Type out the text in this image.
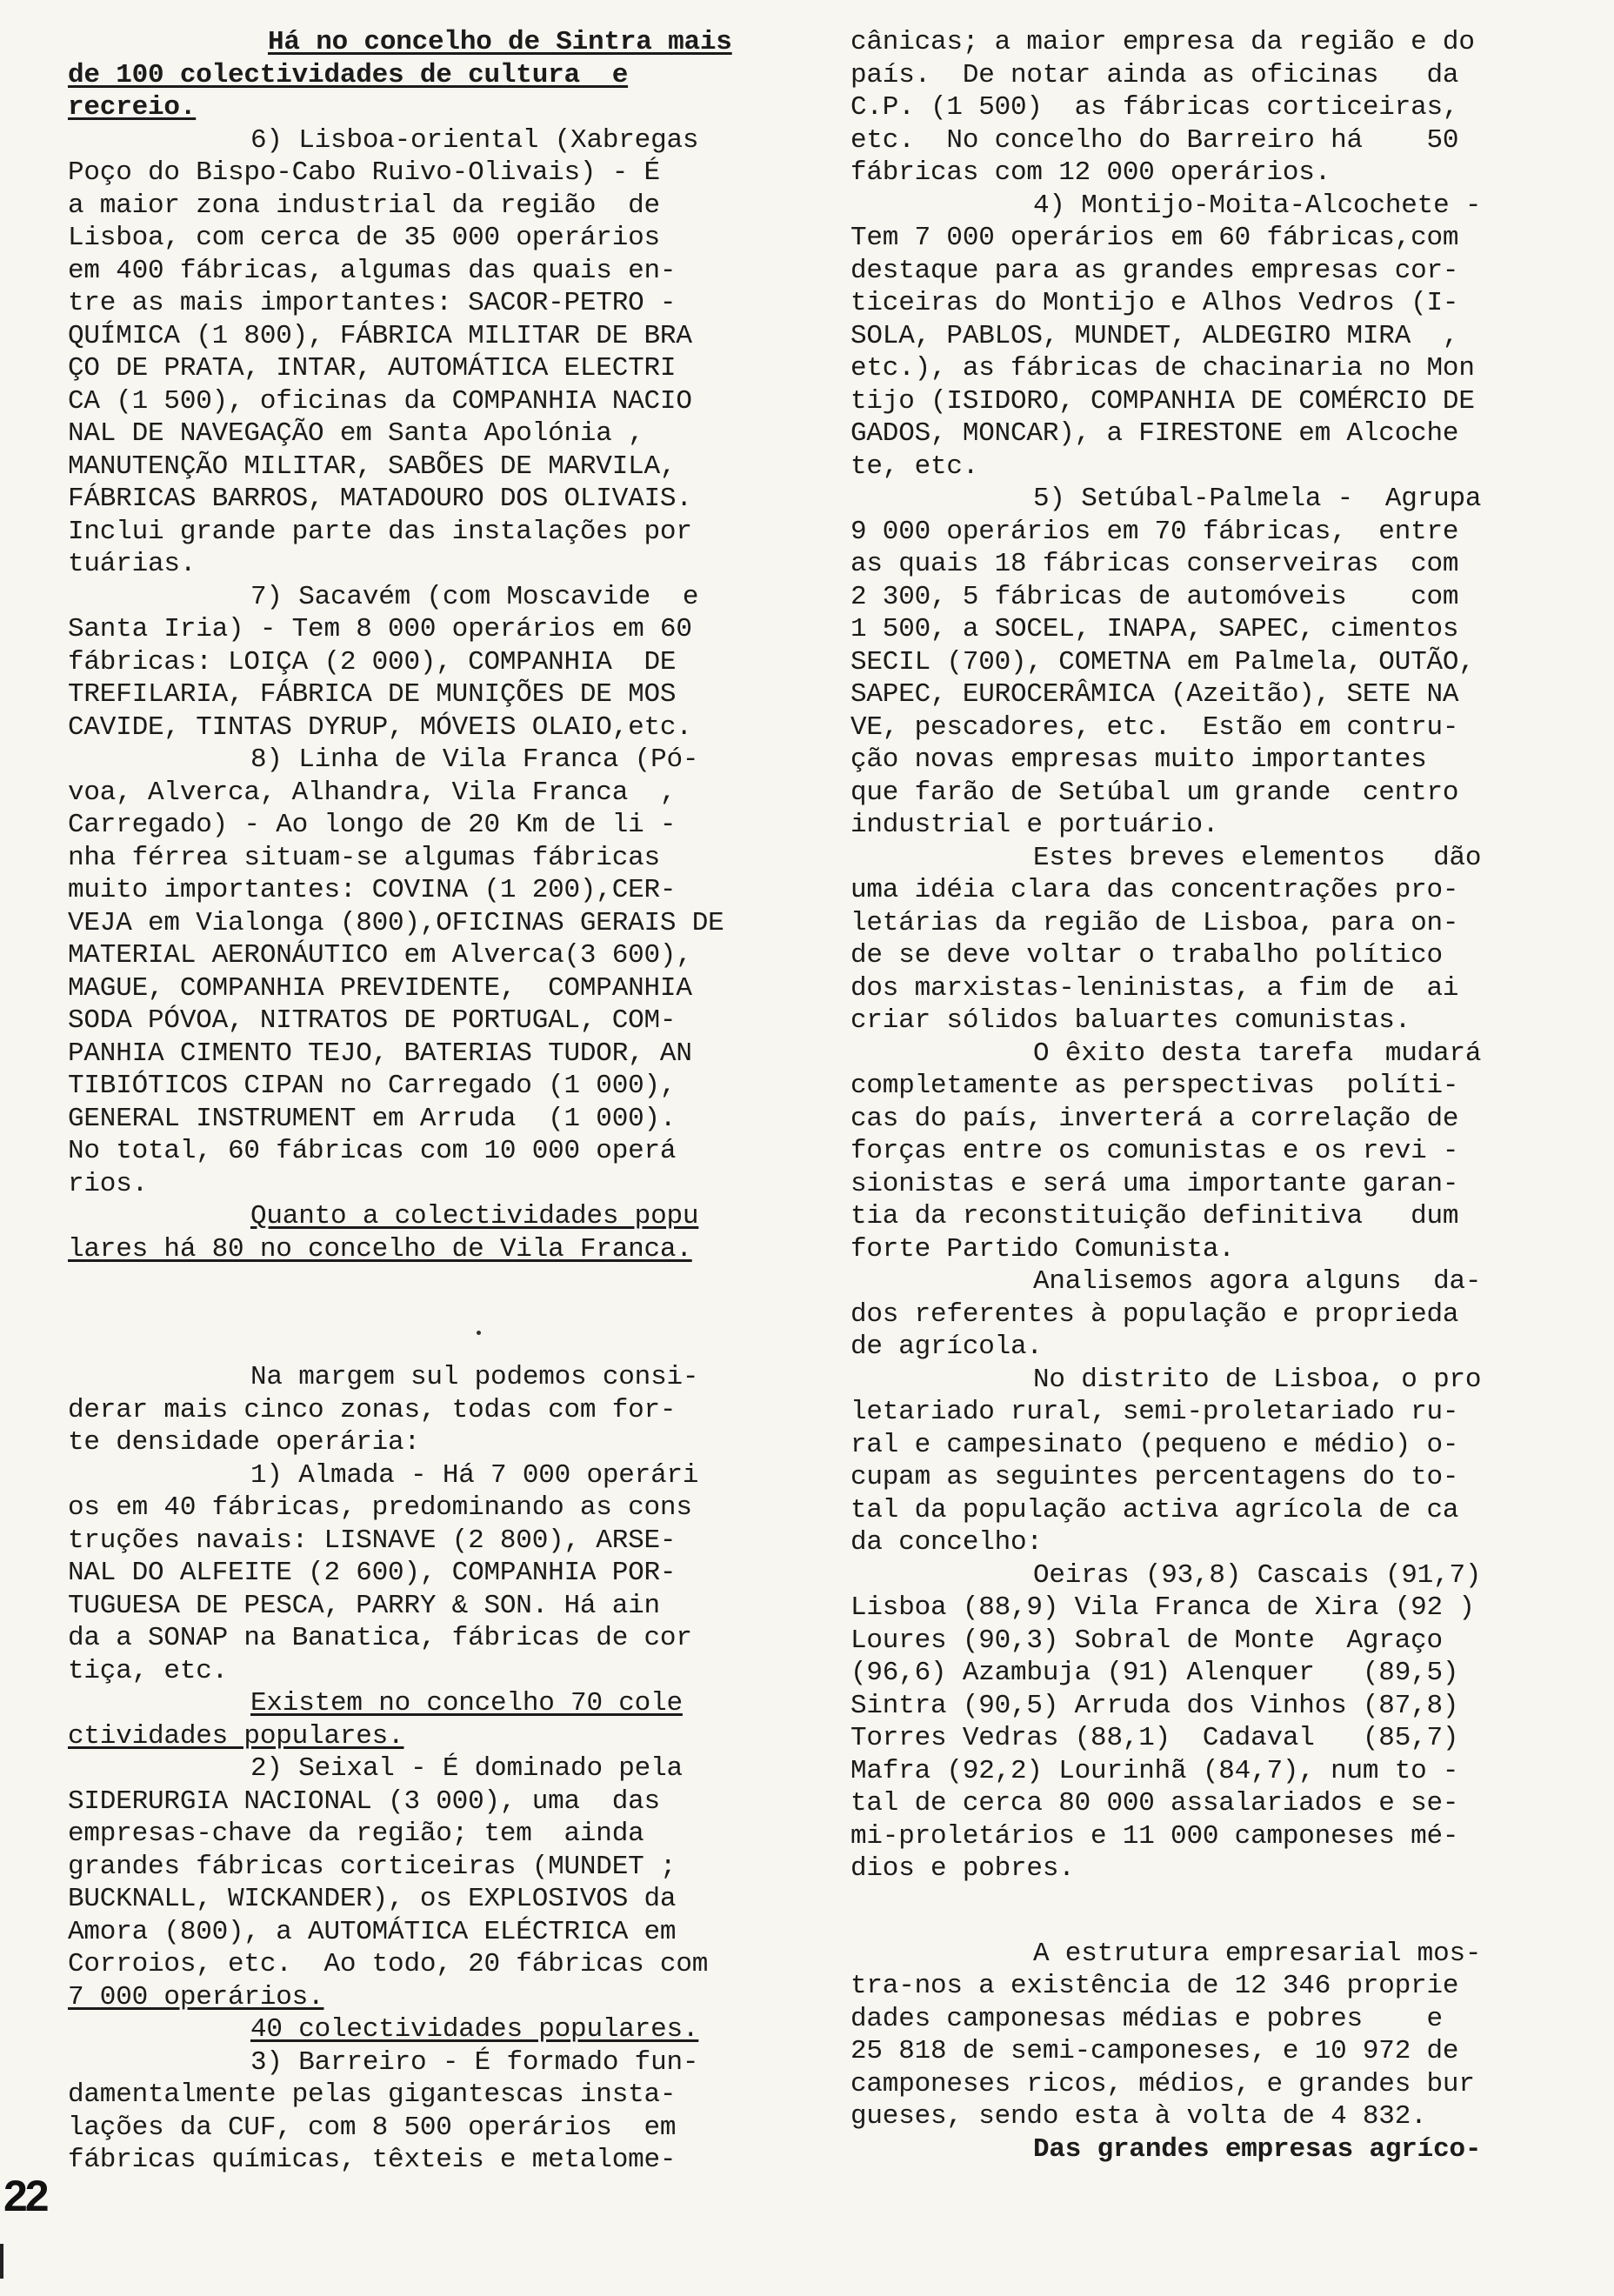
Há no concelho de Sintra mais

de 100 colectividades de cultura  e

recreio.

6) Lisboa-oriental (Xabregas

Poço do Bispo-Cabo Ruivo-Olivais) - É

a maior zona industrial da região  de

Lisboa, com cerca de 35 000 operários

em 400 fábricas, algumas das quais en-

tre as mais importantes: SACOR-PETRO -

QUÍMICA (1 800), FÁBRICA MILITAR DE BRA

ÇO DE PRATA, INTAR, AUTOMÁTICA ELECTRI

CA (1 500), oficinas da COMPANHIA NACIO

NAL DE NAVEGAÇÃO em Santa Apolónia ,

MANUTENÇÃO MILITAR, SABÕES DE MARVILA,

FÁBRICAS BARROS, MATADOURO DOS OLIVAIS.

Inclui grande parte das instalações por

tuárias.

7) Sacavém (com Moscavide  e

Santa Iria) - Tem 8 000 operários em 60

fábricas: LOIÇA (2 000), COMPANHIA  DE

TREFILARIA, FÁBRICA DE MUNIÇÕES DE MOS

CAVIDE, TINTAS DYRUP, MÓVEIS OLAIO,etc.

8) Linha de Vila Franca (Pó-

voa, Alverca, Alhandra, Vila Franca  ,

Carregado) - Ao longo de 20 Km de li -

nha férrea situam-se algumas fábricas

muito importantes: COVINA (1 200),CER-

VEJA em Vialonga (800),OFICINAS GERAIS DE

MATERIAL AERONÁUTICO em Alverca(3 600),

MAGUE, COMPANHIA PREVIDENTE,  COMPANHIA

SODA PÓVOA, NITRATOS DE PORTUGAL, COM-

PANHIA CIMENTO TEJO, BATERIAS TUDOR, AN

TIBIÓTICOS CIPAN no Carregado (1 000),

GENERAL INSTRUMENT em Arruda  (1 000).

No total, 60 fábricas com 10 000 operá

rios.

Quanto a colectividades popu

lares há 80 no concelho de Vila Franca.

Na margem sul podemos consi-

derar mais cinco zonas, todas com for-

te densidade operária:

1) Almada - Há 7 000 operári

os em 40 fábricas, predominando as cons

truções navais: LISNAVE (2 800), ARSE-

NAL DO ALFEITE (2 600), COMPANHIA POR-

TUGUESA DE PESCA, PARRY & SON. Há ain

da a SONAP na Banatica, fábricas de cor

tiça, etc.

Existem no concelho 70 cole

ctividades populares.

2) Seixal - É dominado pela

SIDERURGIA NACIONAL (3 000), uma  das

empresas-chave da região; tem  ainda

grandes fábricas corticeiras (MUNDET ;

BUCKNALL, WICKANDER), os EXPLOSIVOS da

Amora (800), a AUTOMÁTICA ELÉCTRICA em

Corroios, etc.  Ao todo, 20 fábricas com

7 000 operários.

40 colectividades populares.

3) Barreiro - É formado fun-

damentalmente pelas gigantescas insta-

lações da CUF, com 8 500 operários  em

fábricas químicas, têxteis e metalome-

cânicas; a maior empresa da região e do

país.  De notar ainda as oficinas   da

C.P. (1 500)  as fábricas corticeiras,

etc.  No concelho do Barreiro há    50

fábricas com 12 000 operários.

4) Montijo-Moita-Alcochete -

Tem 7 000 operários em 60 fábricas,com

destaque para as grandes empresas cor-

ticeiras do Montijo e Alhos Vedros (I-

SOLA, PABLOS, MUNDET, ALDEGIRO MIRA  ,

etc.), as fábricas de chacinaria no Mon

tijo (ISIDORO, COMPANHIA DE COMÉRCIO DE

GADOS, MONCAR), a FIRESTONE em Alcoche

te, etc.

5) Setúbal-Palmela -  Agrupa

9 000 operários em 70 fábricas,  entre

as quais 18 fábricas conserveiras  com

2 300, 5 fábricas de automóveis    com

1 500, a SOCEL, INAPA, SAPEC, cimentos

SECIL (700), COMETNA em Palmela, OUTÃO,

SAPEC, EUROCERÂMICA (Azeitão), SETE NA

VE, pescadores, etc.  Estão em contru-

ção novas empresas muito importantes

que farão de Setúbal um grande  centro

industrial e portuário.

Estes breves elementos   dão

uma idéia clara das concentrações pro-

letárias da região de Lisboa, para on-

de se deve voltar o trabalho político

dos marxistas-leninistas, a fim de  ai

criar sólidos baluartes comunistas.

O êxito desta tarefa  mudará

completamente as perspectivas  políti-

cas do país, inverterá a correlação de

forças entre os comunistas e os revi -

sionistas e será uma importante garan-

tia da reconstituição definitiva   dum

forte Partido Comunista.

Analisemos agora alguns  da-

dos referentes à população e proprieda

de agrícola.

No distrito de Lisboa, o pro

letariado rural, semi-proletariado ru-

ral e campesinato (pequeno e médio) o-

cupam as seguintes percentagens do to-

tal da população activa agrícola de ca

da concelho:

Oeiras (93,8) Cascais (91,7)

Lisboa (88,9) Vila Franca de Xira (92 )

Loures (90,3) Sobral de Monte  Agraço

(96,6) Azambuja (91) Alenquer   (89,5)

Sintra (90,5) Arruda dos Vinhos (87,8)

Torres Vedras (88,1)  Cadaval   (85,7)

Mafra (92,2) Lourinhã (84,7), num to -

tal de cerca 80 000 assalariados e se-

mi-proletários e 11 000 camponeses mé-

dios e pobres.

A estrutura empresarial mos-

tra-nos a existência de 12 346 proprie

dades camponesas médias e pobres    e

25 818 de semi-camponeses, e 10 972 de

camponeses ricos, médios, e grandes bur

gueses, sendo esta à volta de 4 832.

Das grandes empresas agríco-

22
